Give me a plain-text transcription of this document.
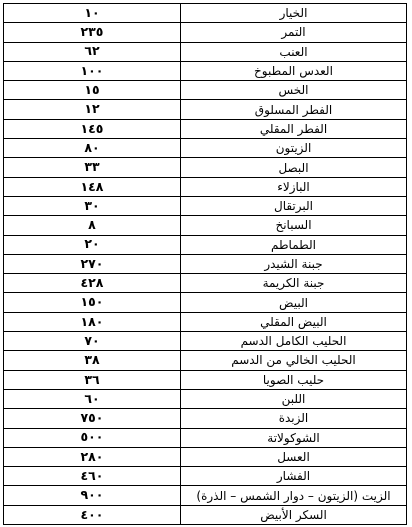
الخيار	١٠
التمر	٢٣٥
العنب	٦٢
العدس المطبوخ	١٠٠
الخس	١٥
الفطر المسلوق	١٢
الفطر المقلي	١٤٥
الزيتون	٨٠
البصل	٣٣
البازلاء	١٤٨
البرتقال	٣٠
السبانخ	٨
الطماطم	٢٠
جبنة الشيدر	٢٧٠
جبنة الكريمة	٤٢٨
البيض	١٥٠
البيض المقلي	١٨٠
الحليب الكامل الدسم	٧٠
الحليب الخالي من الدسم	٣٨
حليب الصويا	٣٦
اللبن	٦٠
الزبدة	٧٥٠
الشوكولاتة	٥٠٠
العسل	٢٨٠
الفشار	٤٦٠
الزيت (الزيتون – دوار الشمس – الذرة)	٩٠٠
السكر الأبيض	٤٠٠
